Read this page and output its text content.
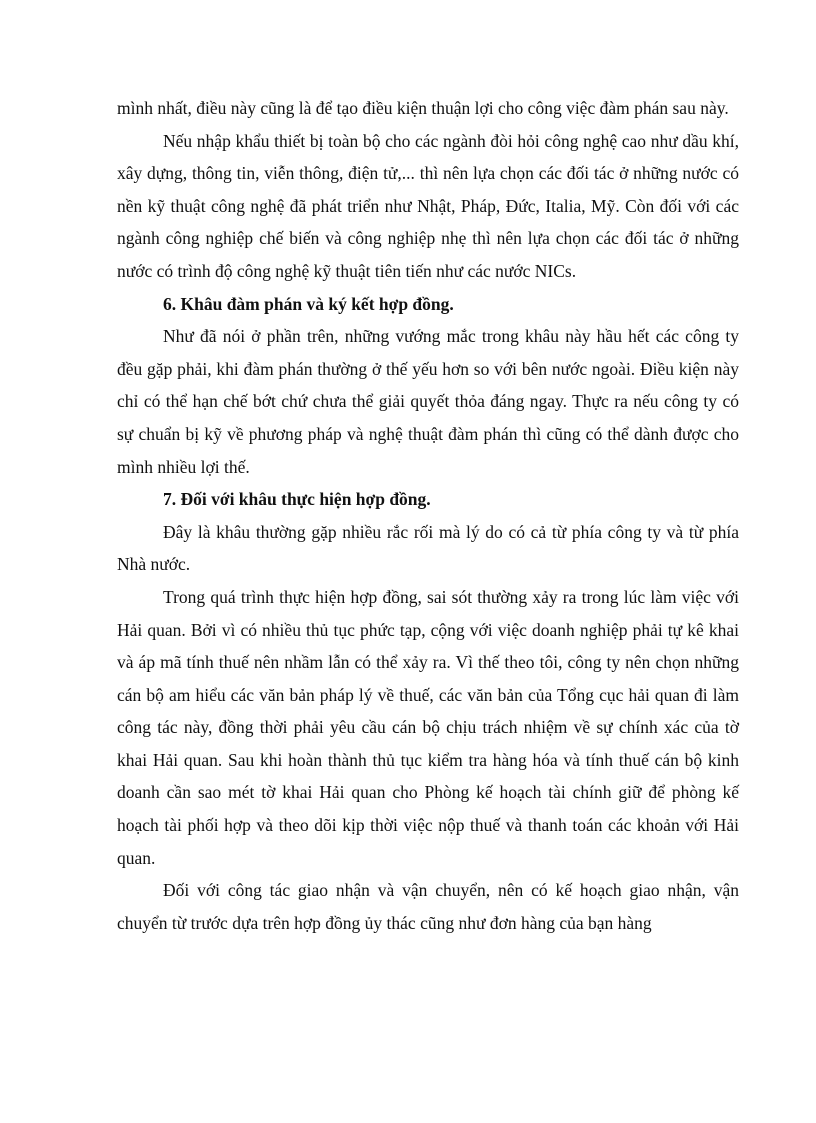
mình nhất, điều này cũng là để tạo điều kiện thuận lợi cho công việc đàm phán sau này.

Nếu nhập khẩu thiết bị toàn bộ cho các ngành đòi hỏi công nghệ cao như dầu khí, xây dựng, thông tin, viễn thông, điện tử,... thì nên lựa chọn các đối tác ở những nước có nền kỹ thuật công nghệ đã phát triển như Nhật, Pháp, Đức, Italia, Mỹ. Còn đối với các ngành công nghiệp chế biến và công nghiệp nhẹ thì nên lựa chọn các đối tác ở những nước có trình độ công nghệ kỹ thuật tiên tiến như các nước NICs.

6. Khâu đàm phán và ký kết hợp đồng.

Như đã nói ở phần trên, những vướng mắc trong khâu này hầu hết các công ty đều gặp phải, khi đàm phán thường ở thế yếu hơn so với bên nước ngoài. Điều kiện này chỉ có thể hạn chế bớt chứ chưa thể giải quyết thỏa đáng ngay. Thực ra nếu công ty có sự chuẩn bị kỹ về phương pháp và nghệ thuật đàm phán thì cũng có thể dành được cho mình nhiều lợi thế.

7. Đối với khâu thực hiện hợp đồng.

Đây là khâu thường gặp nhiều rắc rối mà lý do có cả từ phía công ty và từ phía Nhà nước.

Trong quá trình thực hiện hợp đồng, sai sót thường xảy ra trong lúc làm việc với Hải quan. Bởi vì có nhiều thủ tục phức tạp, cộng với việc doanh nghiệp phải tự kê khai và áp mã tính thuế nên nhầm lẫn có thể xảy ra. Vì thế theo tôi, công ty nên chọn những cán bộ am hiểu các văn bản pháp lý về thuế, các văn bản của Tổng cục hải quan đi làm công tác này, đồng thời phải yêu cầu cán bộ chịu trách nhiệm về sự chính xác của tờ khai Hải quan. Sau khi hoàn thành thủ tục kiểm tra hàng hóa và tính thuế cán bộ kinh doanh cần sao mét tờ khai Hải quan cho Phòng kế hoạch tài chính giữ để phòng kế hoạch tài phối hợp và theo dõi kịp thời việc nộp thuế và thanh toán các khoản với Hải quan.

Đối với công tác giao nhận và vận chuyển, nên có kế hoạch giao nhận, vận chuyển từ trước dựa trên hợp đồng ủy thác cũng như đơn hàng của bạn hàng
